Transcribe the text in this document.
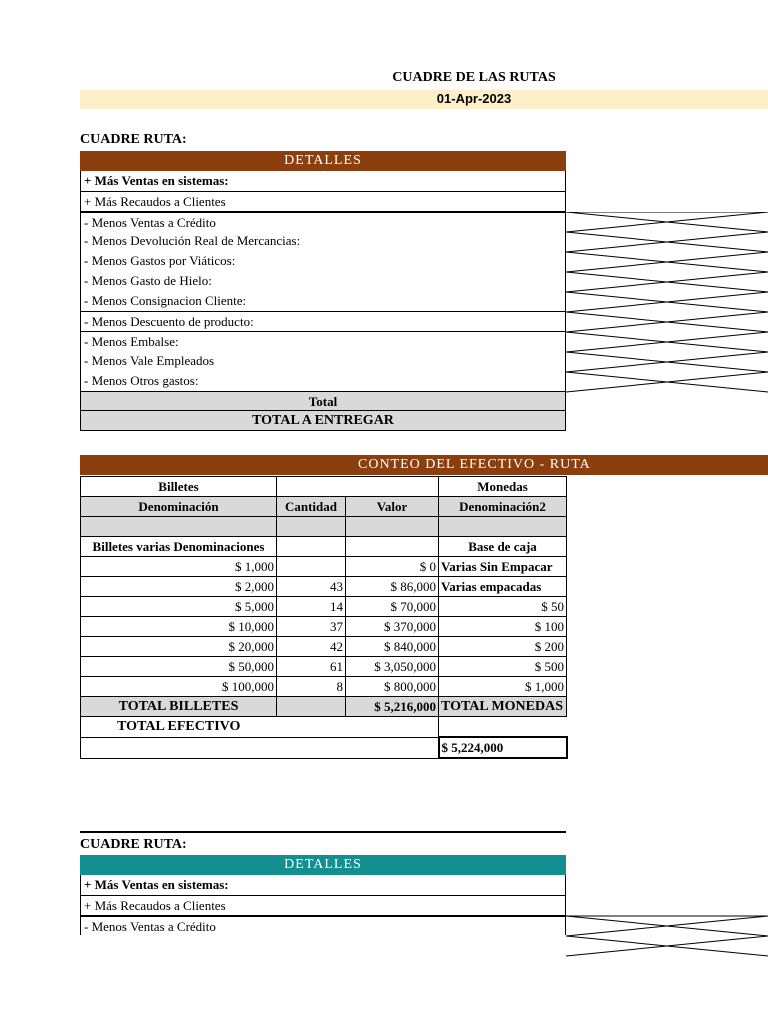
CUADRE DE LAS RUTAS
01-Apr-2023
CUADRE RUTA:
DETALLES
+ Más Ventas en sistemas:
+ Más Recaudos a Clientes
- Menos Ventas a Crédito
- Menos Devolución Real de Mercancias:
- Menos Gastos por Viáticos:
- Menos Gasto de Hielo:
- Menos Consignacion Cliente:
- Menos Descuento de producto:
- Menos Embalse:
- Menos Vale Empleados
- Menos Otros gastos:
Total
TOTAL A ENTREGAR
CONTEO DEL EFECTIVO - RUTA
Billetes			Monedas
Denominación	Cantidad	Valor	Denominación2

Billetes varias Denominaciones			Base de caja
$ 1,000		$ 0	Varias Sin Empacar
$ 2,000	43	$ 86,000	Varias empacadas
$ 5,000	14	$ 70,000	$ 50
$ 10,000	37	$ 370,000	$ 100
$ 20,000	42	$ 840,000	$ 200
$ 50,000	61	$ 3,050,000	$ 500
$ 100,000	8	$ 800,000	$ 1,000
TOTAL BILLETES		$ 5,216,000	TOTAL MONEDAS
TOTAL EFECTIVO			
			$ 5,224,000
CUADRE RUTA:
DETALLES
+ Más Ventas en sistemas:
+ Más Recaudos a Clientes
- Menos Ventas a Crédito
